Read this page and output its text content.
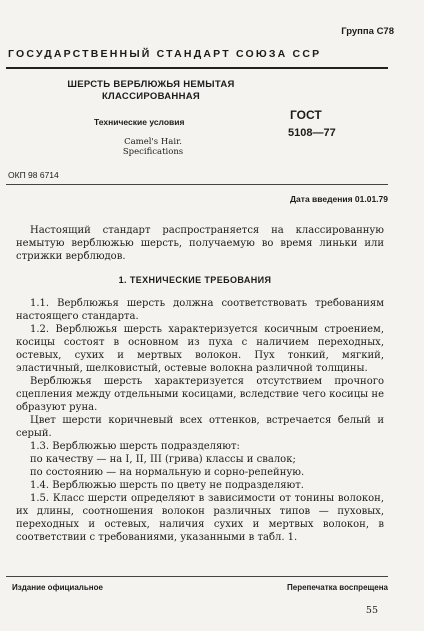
Группа С78
ГОСУДАРСТВЕННЫЙ СТАНДАРТ СОЮЗА ССР
ШЕРСТЬ ВЕРБЛЮЖЬЯ НЕМЫТАЯ КЛАССИРОВАННАЯ
Технические условия
Camel's Hair. Specifications
ГОСТ
5108—77
ОКП 98 6714
Дата введения 01.01.79

Настоящий стандарт распространяется на классированную немытую верблюжью шерсть, получаемую во время линьки или стрижки верблюдов.

1. ТЕХНИЧЕСКИЕ ТРЕБОВАНИЯ

1.1. Верблюжья шерсть должна соответствовать требованиям настоящего стандарта.

1.2. Верблюжья шерсть характеризуется косичным строением, косицы состоят в основном из пуха с наличием переходных, остевых, сухих и мертвых волокон. Пух тонкий, мягкий, эластичный, шелковистый, остевые волокна различной толщины.

Верблюжья шерсть характеризуется отсутствием прочного сцепления между отдельными косицами, вследствие чего косицы не образуют руна.

Цвет шерсти коричневый всех оттенков, встречается белый и серый.

1.3. Верблюжью шерсть подразделяют:

по качеству — на I, II, III (грива) классы и свалок;

по состоянию — на нормальную и сорно-репейную.

1.4. Верблюжью шерсть по цвету не подразделяют.

1.5. Класс шерсти определяют в зависимости от тонины волокон, их длины, соотношения волокон различных типов — пуховых, переходных и остевых, наличия сухих и мертвых волокон, в соответствии с требованиями, указанными в табл. 1.

Издание официальное	Перепечатка воспрещена
55
